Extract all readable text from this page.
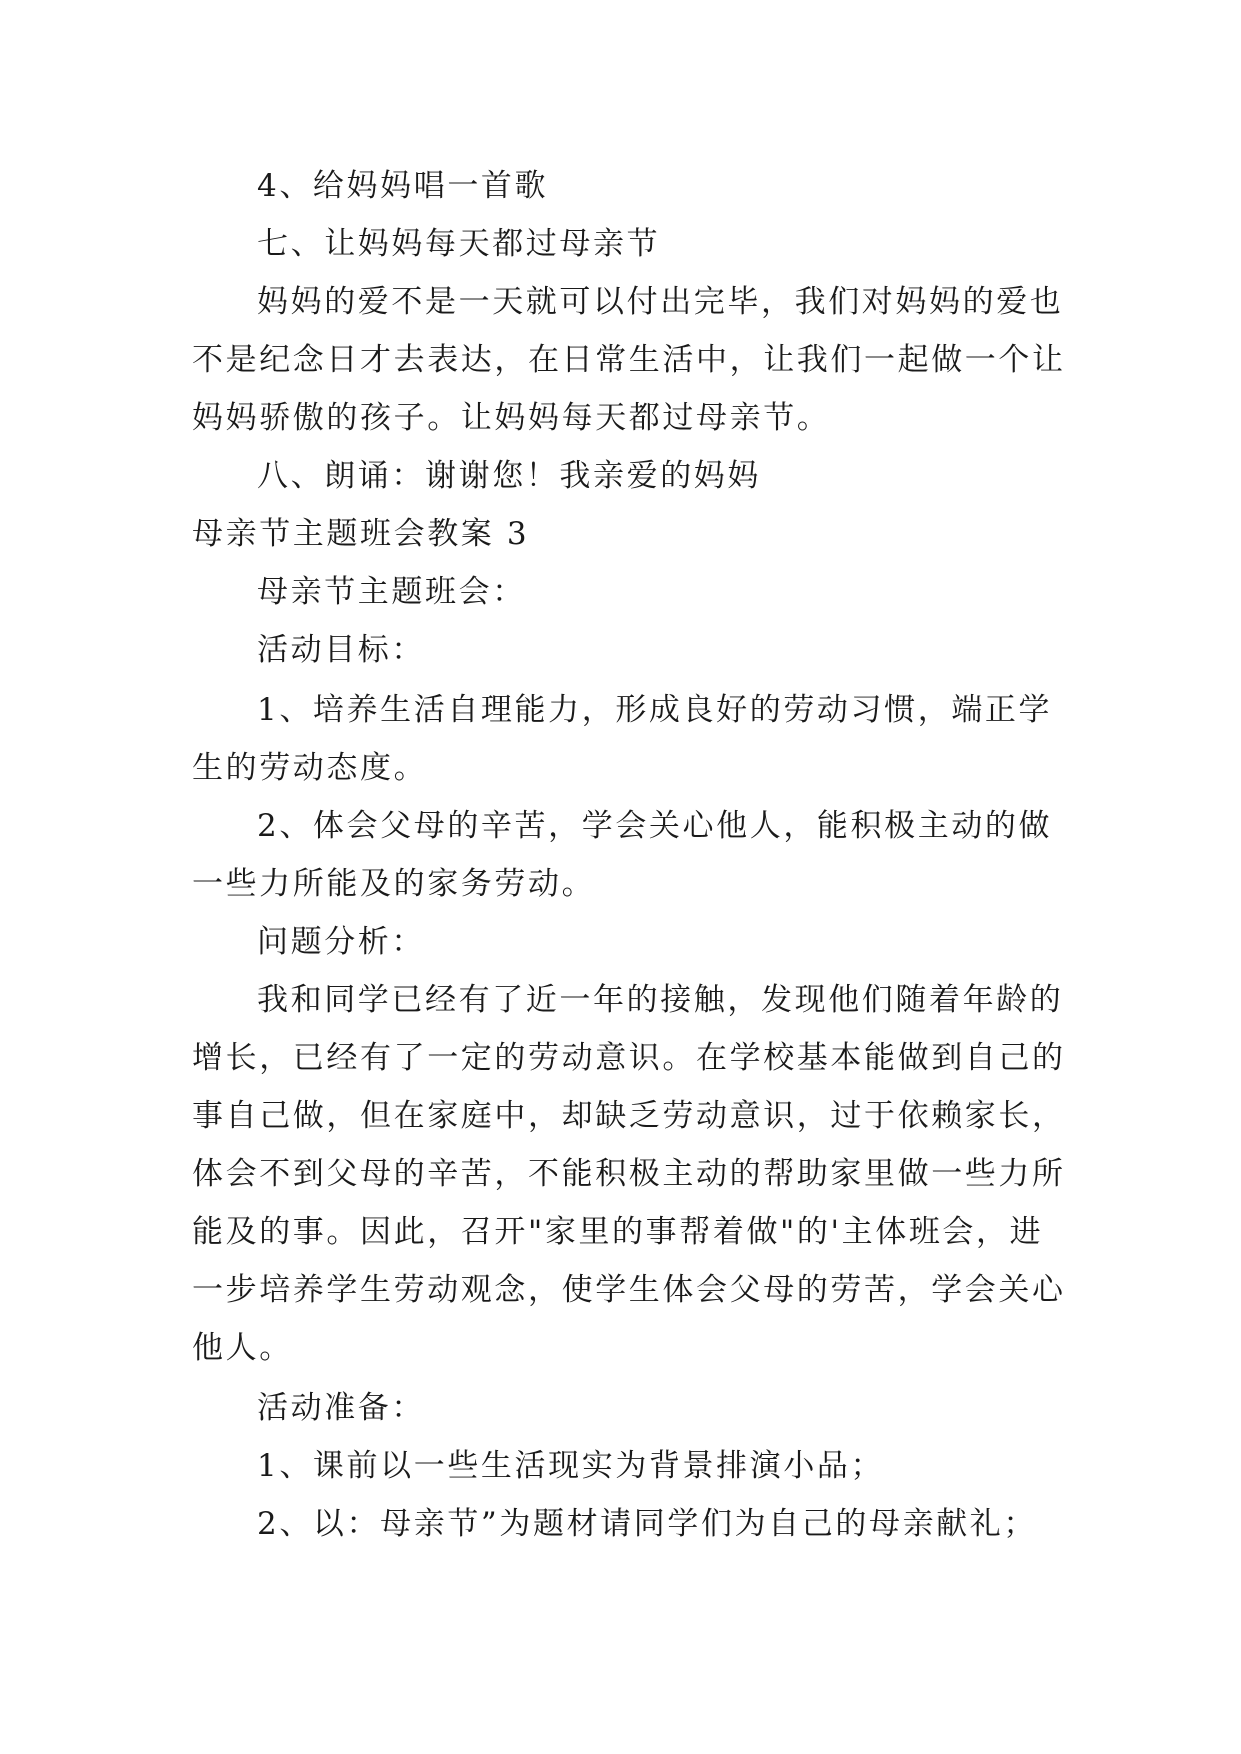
4、给妈妈唱一首歌
七、让妈妈每天都过母亲节
妈妈的爱不是一天就可以付出完毕，我们对妈妈的爱也
不是纪念日才去表达，在日常生活中，让我们一起做一个让
妈妈骄傲的孩子。让妈妈每天都过母亲节。
八、朗诵：谢谢您！我亲爱的妈妈
母亲节主题班会教案 3
母亲节主题班会：
活动目标：
1、培养生活自理能力，形成良好的劳动习惯，端正学
生的劳动态度。
2、体会父母的辛苦，学会关心他人，能积极主动的做
一些力所能及的家务劳动。
问题分析：
我和同学已经有了近一年的接触，发现他们随着年龄的
增长，已经有了一定的劳动意识。在学校基本能做到自己的
事自己做，但在家庭中，却缺乏劳动意识，过于依赖家长，
体会不到父母的辛苦，不能积极主动的帮助家里做一些力所
能及的事。因此，召开"家里的事帮着做"的'主体班会，进
一步培养学生劳动观念，使学生体会父母的劳苦，学会关心
他人。
活动准备：
1、课前以一些生活现实为背景排演小品；
2、以：母亲节”为题材请同学们为自己的母亲献礼；
